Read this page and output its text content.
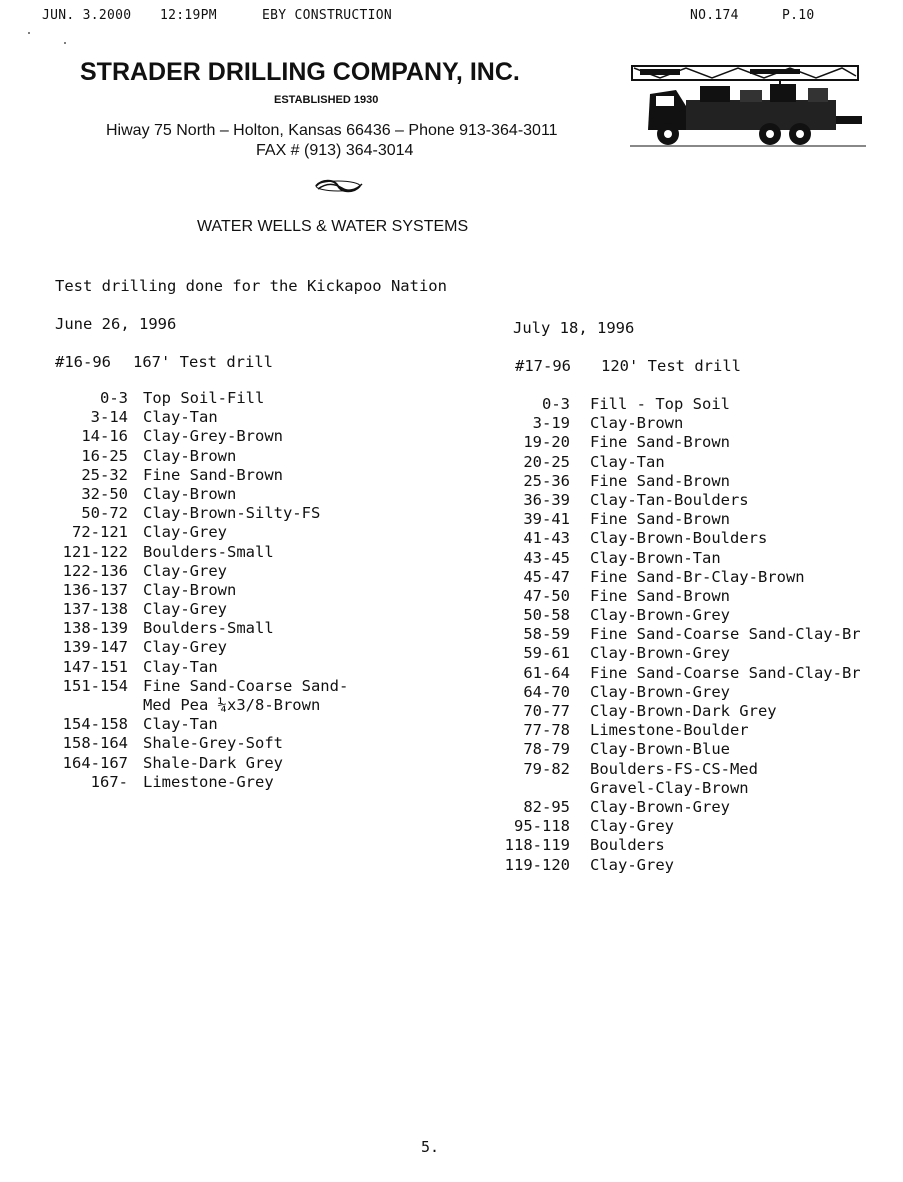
JUN. 3.2000 12:19PM	EBY CONSTRUCTION	NO.174	P.10
STRADER DRILLING COMPANY, INC.
ESTABLISHED 1930
Hiway 75 North – Holton, Kansas 66436 – Phone 913-364-3011
FAX # (913) 364-3014
WATER WELLS & WATER SYSTEMS
Test drilling done for the Kickapoo Nation
June 26, 1996
#16-96 167' Test drill
0-3 Top Soil-Fill
3-14 Clay-Tan
14-16 Clay-Grey-Brown
16-25 Clay-Brown
25-32 Fine Sand-Brown
32-50 Clay-Brown
50-72 Clay-Brown-Silty-FS
72-121 Clay-Grey
121-122 Boulders-Small
122-136 Clay-Grey
136-137 Clay-Brown
137-138 Clay-Grey
138-139 Boulders-Small
139-147 Clay-Grey
147-151 Clay-Tan
151-154 Fine Sand-Coarse Sand-
Med Pea ¼x3/8-Brown
154-158 Clay-Tan
158-164 Shale-Grey-Soft
164-167 Shale-Dark Grey
167- Limestone-Grey
July 18, 1996
#17-96 120' Test drill
0-3 Fill - Top Soil
3-19 Clay-Brown
19-20 Fine Sand-Brown
20-25 Clay-Tan
25-36 Fine Sand-Brown
36-39 Clay-Tan-Boulders
39-41 Fine Sand-Brown
41-43 Clay-Brown-Boulders
43-45 Clay-Brown-Tan
45-47 Fine Sand-Br-Clay-Brown
47-50 Fine Sand-Brown
50-58 Clay-Brown-Grey
58-59 Fine Sand-Coarse Sand-Clay-Br
59-61 Clay-Brown-Grey
61-64 Fine Sand-Coarse Sand-Clay-Br
64-70 Clay-Brown-Grey
70-77 Clay-Brown-Dark Grey
77-78 Limestone-Boulder
78-79 Clay-Brown-Blue
79-82 Boulders-FS-CS-Med
Gravel-Clay-Brown
82-95 Clay-Brown-Grey
95-118 Clay-Grey
118-119 Boulders
119-120 Clay-Grey
5.
